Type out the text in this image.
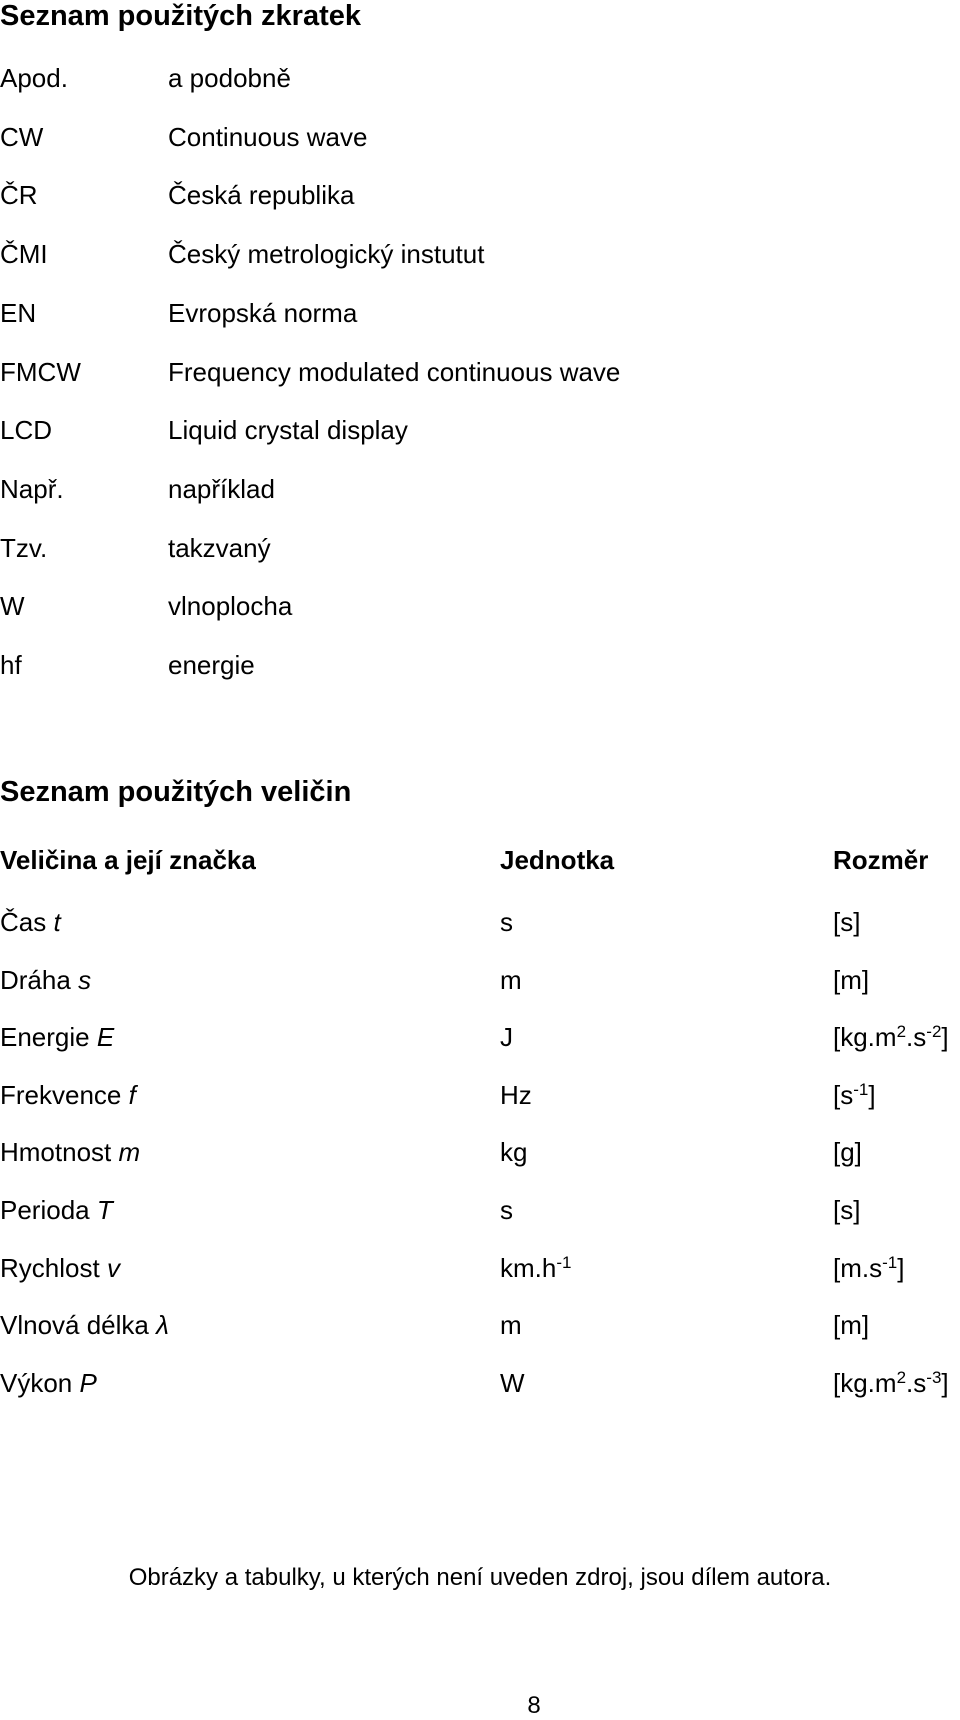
Seznam použitých zkratek
Apod.	a podobně
CW	Continuous wave
ČR	Česká republika
ČMI	Český metrologický instutut
EN	Evropská norma
FMCW	Frequency modulated continuous wave
LCD	Liquid crystal display
Např.	například
Tzv.	takzvaný
W	vlnoplocha
hf	energie
Seznam použitých veličin
Veličina a její značka	Jednotka	Rozměr
Čas t	s	[s]
Dráha s	m	[m]
Energie E	J	$[kg.m^2.s^{-2}]$
Frekvence f	Hz	$[s^{-1}]$
Hmotnost m	kg	[g]
Perioda T	s	[s]
Rychlost v	$km.h^{-1}$	$[m.s^{-1}]$
Vlnová délka λ	m	[m]
Výkon P	W	$[kg.m^2.s^{-3}]$
Obrázky a tabulky, u kterých není uveden zdroj, jsou dílem autora.
8
